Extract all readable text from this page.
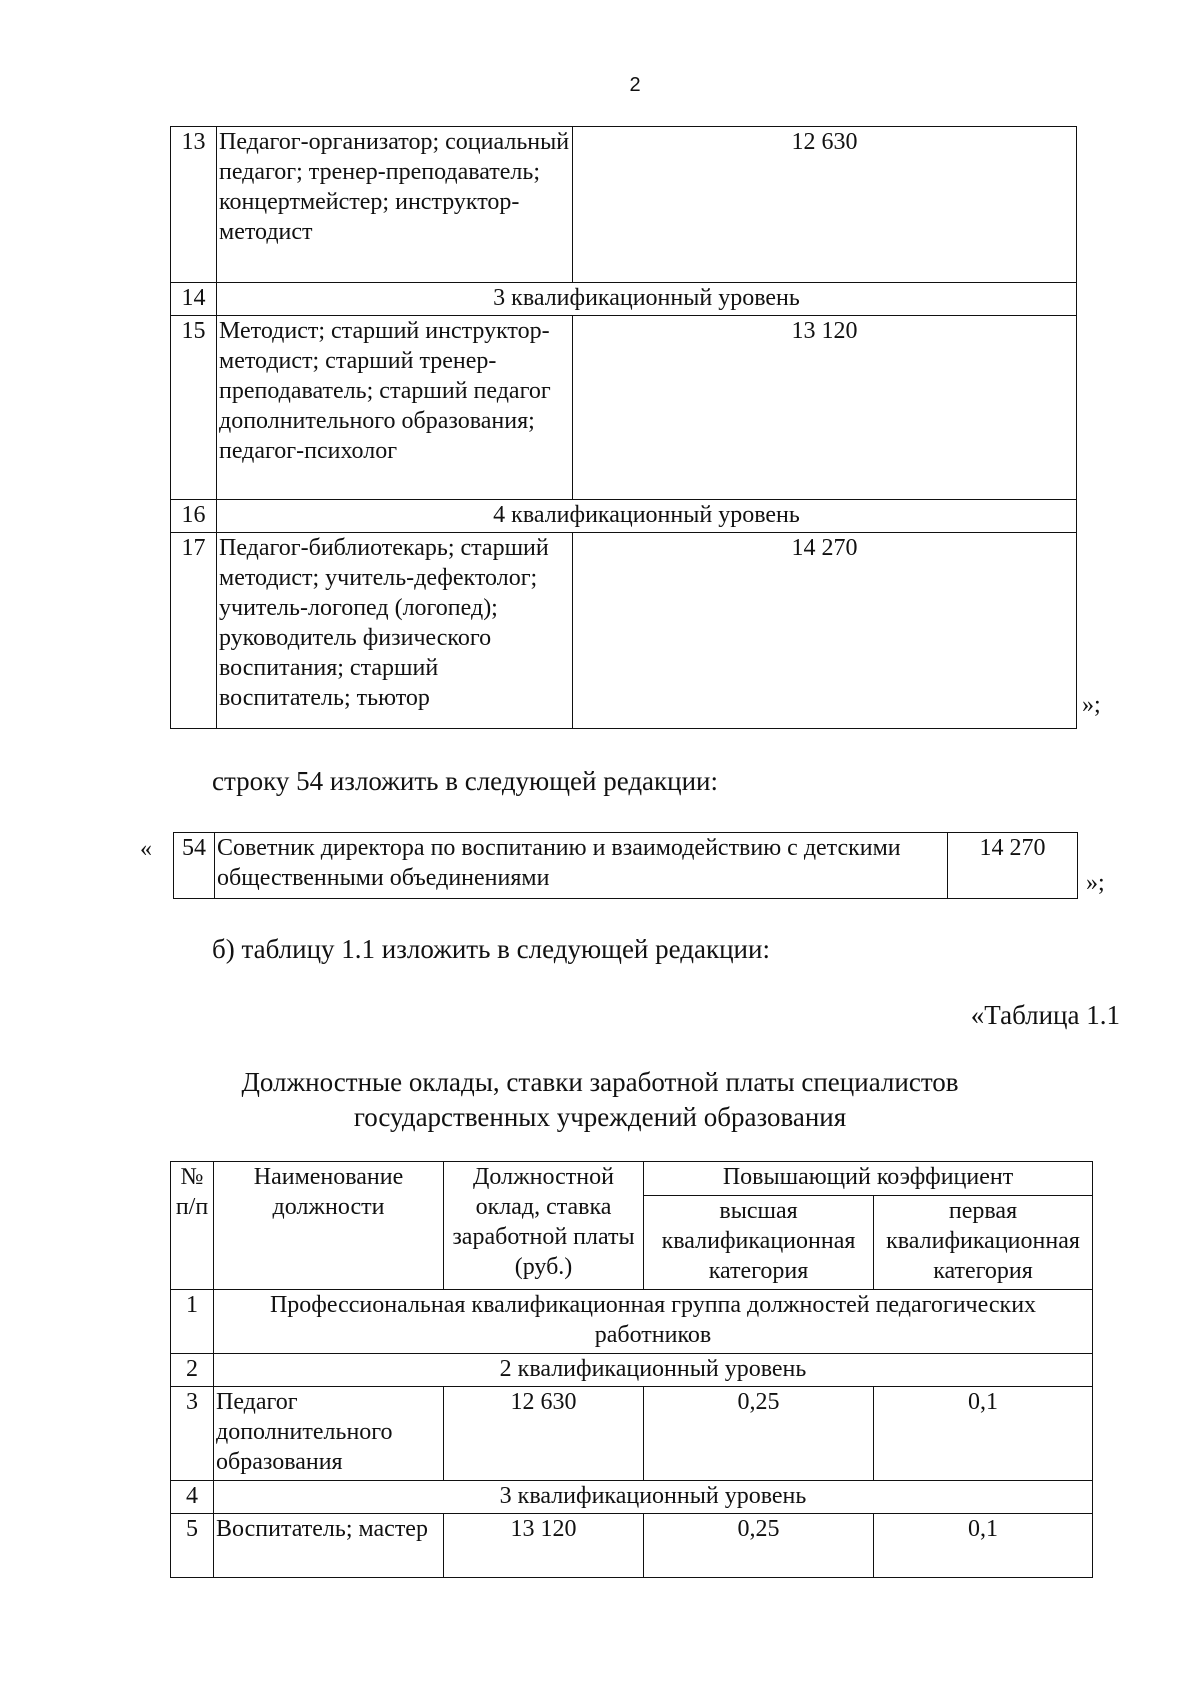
2
13	Педагог-организатор; социальный педагог; тренер-преподаватель; концертмейстер; инструктор-методист	12 630
14	3 квалификационный уровень	
15	Методист; старший инструктор-методист; старший тренер-преподаватель; старший педагог дополнительного образования; педагог-психолог	13 120
16	4 квалификационный уровень	
17	Педагог-библиотекарь; старший методист; учитель-дефектолог; учитель-логопед (логопед); руководитель физического воспитания; старший воспитатель; тьютор	14 270
»;
строку 54 изложить в следующей редакции:
« 54	Советник директора по воспитанию и взаимодействию с детскими общественными объединениями	14 270
»;
б) таблицу 1.1 изложить в следующей редакции:
«Таблица 1.1
Должностные оклады, ставки заработной платы специалистов
государственных учреждений образования
№ п/п	Наименование должности	Должностной оклад, ставка заработной платы (руб.)	Повышающий коэффициент	
			высшая квалификационная категория	первая квалификационная категория
1	Профессиональная квалификационная группа должностей педагогических работников			
2	2 квалификационный уровень			
3	Педагог дополнительного образования	12 630	0,25	0,1
4	3 квалификационный уровень			
5	Воспитатель; мастер	13 120	0,25	0,1
